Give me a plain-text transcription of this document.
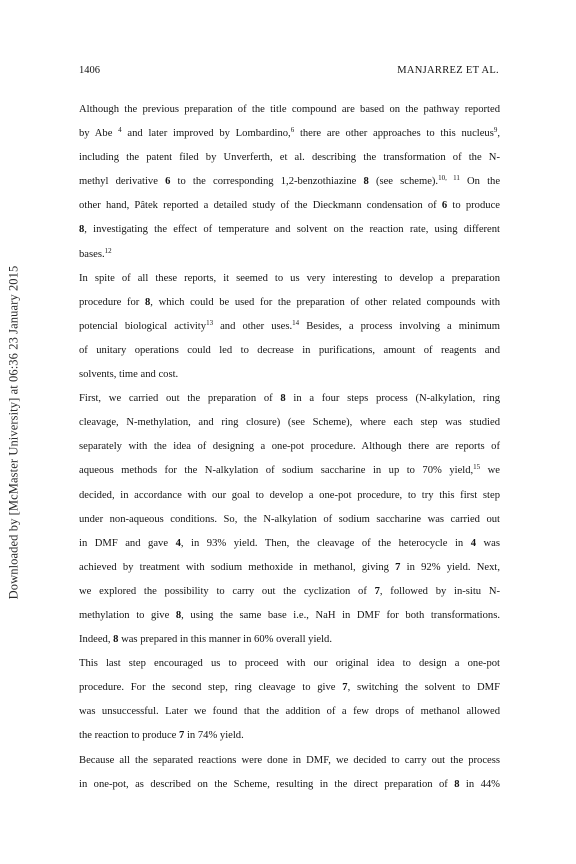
Downloaded by [McMaster University] at 06:36 23 January 2015
1406	MANJARREZ ET AL.
Although the previous preparation of the title compound are based on the pathway reported
by Abe $^4$ and later improved by Lombardino,$^6$ there are other approaches to this nucleus$^9$,
including the patent filed by Unverferth, et al. describing the transformation of the N-
methyl derivative 6 to the corresponding 1,2-benzothiazine 8 (see scheme).$^{10, 11}$ On the
other hand, Pâtek reported a detailed study of the Dieckmann condensation of 6 to produce
8, investigating the effect of temperature and solvent on the reaction rate, using different
bases.$^{12}$
In spite of all these reports, it seemed to us very interesting to develop a preparation
procedure for 8, which could be used for the preparation of other related compounds with
potencial biological activity$^{13}$ and other uses.$^{14}$ Besides, a process involving a minimum
of unitary operations could led to decrease in purifications, amount of reagents and
solvents, time and cost.
First, we carried out the preparation of 8 in a four steps process (N-alkylation, ring
cleavage, N-methylation, and ring closure) (see Scheme), where each step was studied
separately with the idea of designing a one-pot procedure. Although there are reports of
aqueous methods for the N-alkylation of sodium saccharine in up to 70% yield,$^{15}$ we
decided, in accordance with our goal to develop a one-pot procedure, to try this first step
under non-aqueous conditions. So, the N-alkylation of sodium saccharine was carried out
in DMF and gave 4, in 93% yield. Then, the cleavage of the heterocycle in 4 was
achieved by treatment with sodium methoxide in methanol, giving 7 in 92% yield. Next,
we explored the possibility to carry out the cyclization of 7, followed by in-situ N-
methylation to give 8, using the same base i.e., NaH in DMF for both transformations.
Indeed, 8 was prepared in this manner in 60% overall yield.
This last step encouraged us to proceed with our original idea to design a one-pot
procedure. For the second step, ring cleavage to give 7, switching the solvent to DMF
was unsuccessful. Later we found that the addition of a few drops of methanol allowed
the reaction to produce 7 in 74% yield.
Because all the separated reactions were done in DMF, we decided to carry out the process
in one-pot, as described on the Scheme, resulting in the direct preparation of 8 in 44%
